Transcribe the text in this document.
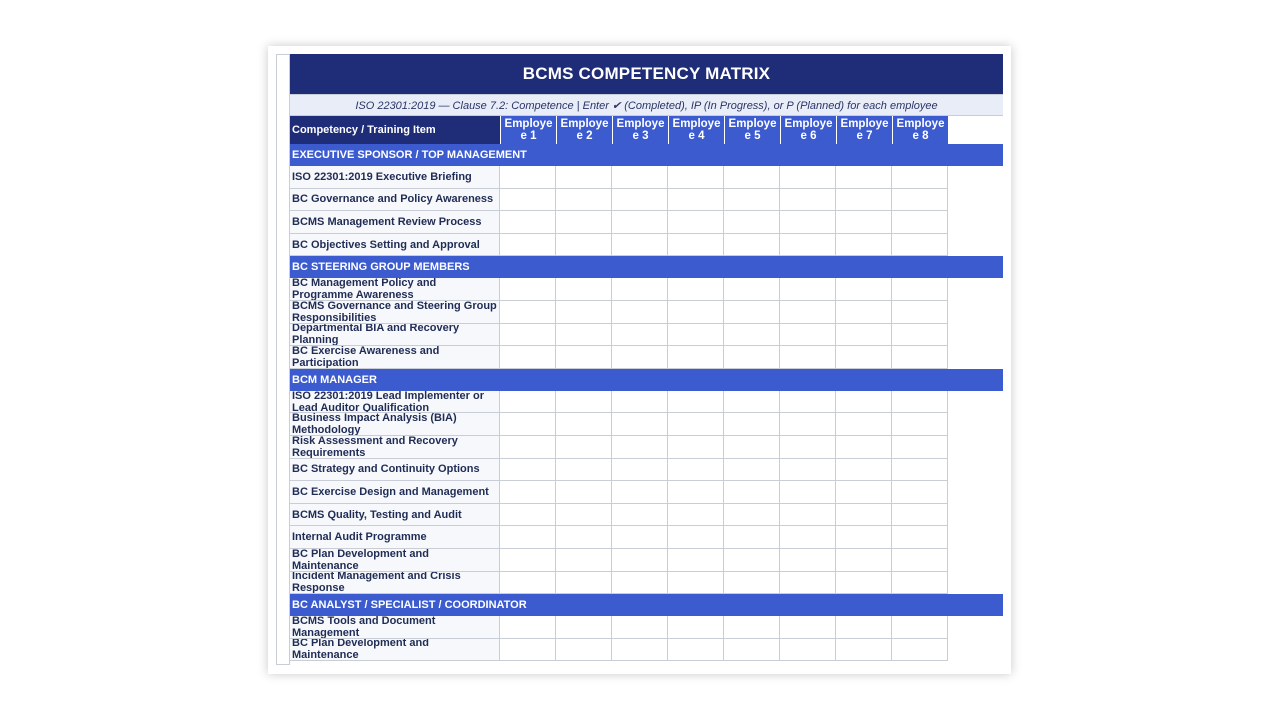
BCMS COMPETENCY MATRIX
ISO 22301:2019 — Clause 7.2: Competence | Enter ✔ (Completed), IP (In Progress), or P (Planned) for each employee
Competency / Training Item	Employee 1
Employee 2
Employee 3
Employee 4
Employee 5
Employee 6
Employee 7
Employee 8
EXECUTIVE SPONSOR / TOP MANAGEMENT
ISO 22301:2019 Executive Briefing
BC Governance and Policy Awareness
BCMS Management Review Process
BC Objectives Setting and Approval
BC STEERING GROUP MEMBERS
BC Management Policy and Programme Awareness
BCMS Governance and Steering Group Responsibilities
Departmental BIA and Recovery Planning
BC Exercise Awareness and Participation
BCM MANAGER
ISO 22301:2019 Lead Implementer or Lead Auditor Qualification
Business Impact Analysis (BIA) Methodology
Risk Assessment and Recovery Requirements
BC Strategy and Continuity Options
BC Exercise Design and Management
BCMS Quality, Testing and Audit
Internal Audit Programme
BC Plan Development and Maintenance
Incident Management and Crisis Response
BC ANALYST / SPECIALIST / COORDINATOR
BCMS Tools and Document Management
BC Plan Development and Maintenance
